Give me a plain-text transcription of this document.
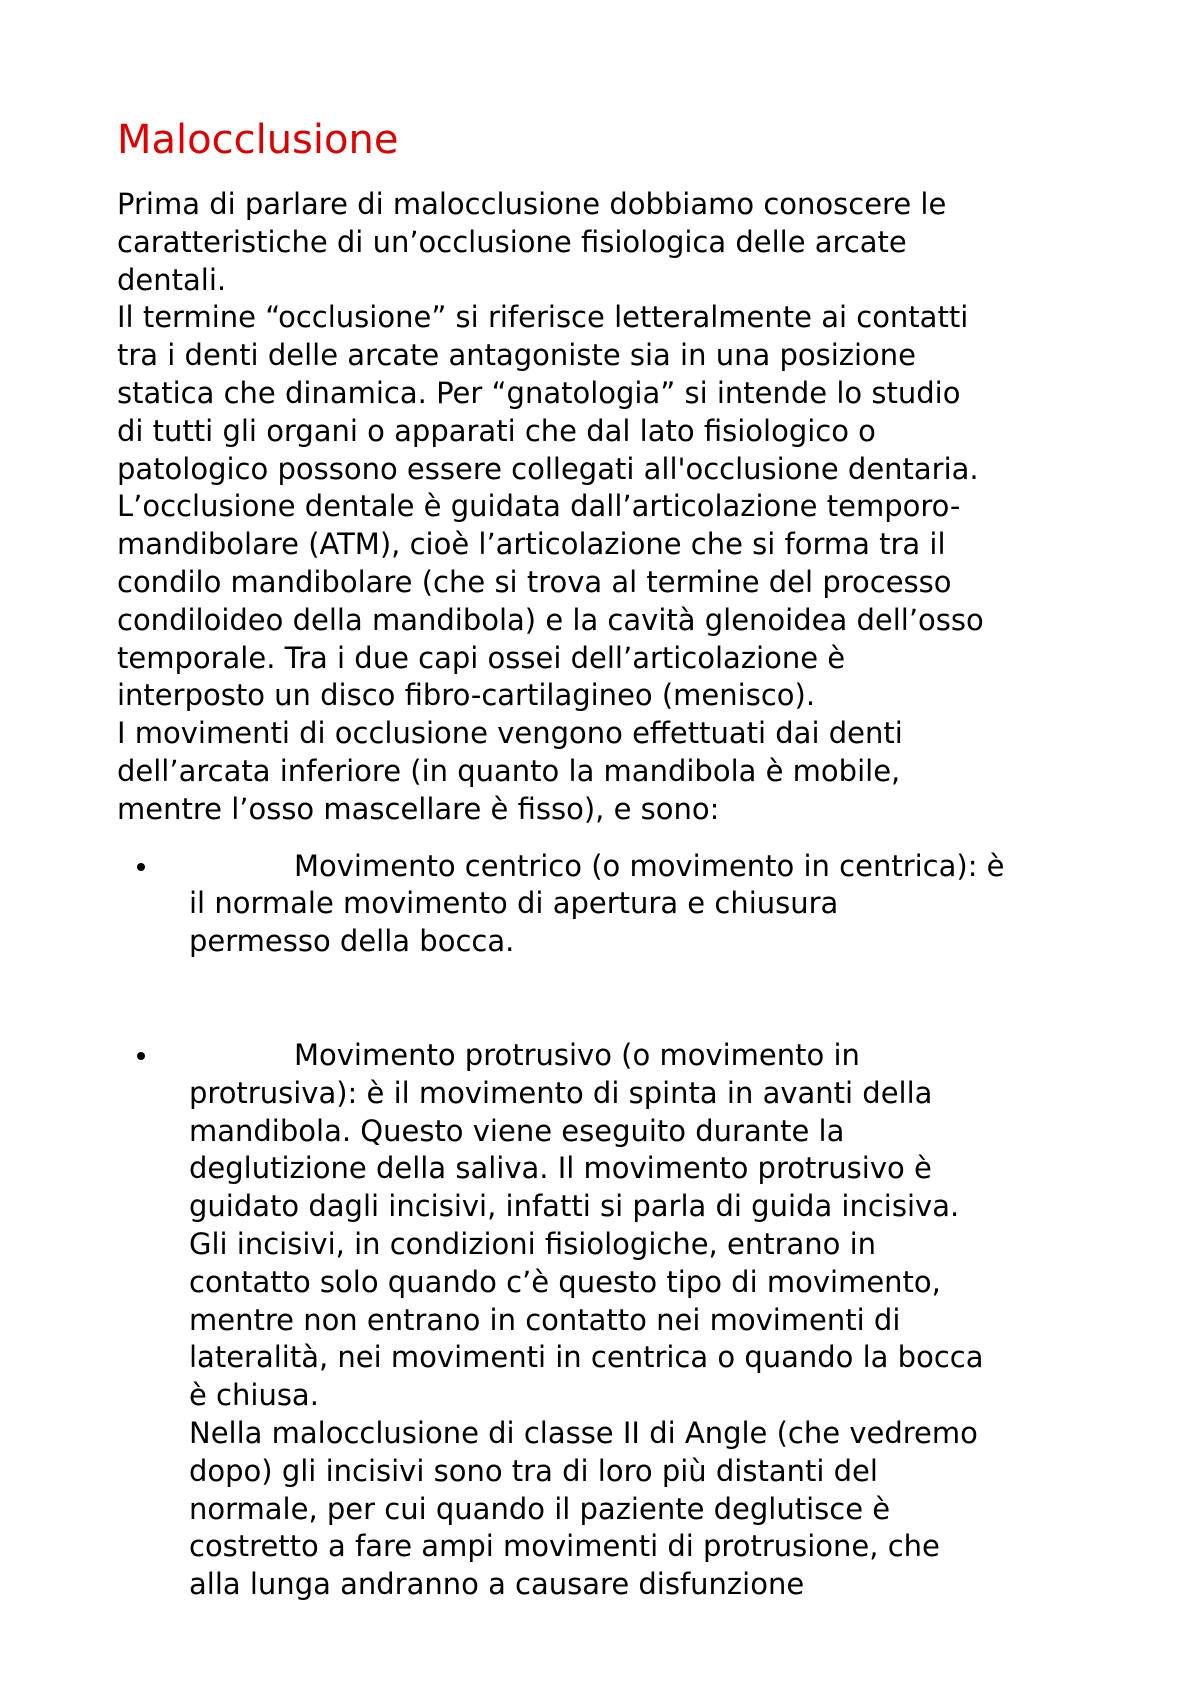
Malocclusione
Prima di parlare di malocclusione dobbiamo conoscere le
caratteristiche di un’occlusione fisiologica delle arcate
dentali.
Il termine “occlusione” si riferisce letteralmente ai contatti
tra i denti delle arcate antagoniste sia in una posizione
statica che dinamica. Per “gnatologia” si intende lo studio
di tutti gli organi o apparati che dal lato fisiologico o
patologico possono essere collegati all'occlusione dentaria.
L’occlusione dentale è guidata dall’articolazione temporo-
mandibolare (ATM), cioè l’articolazione che si forma tra il
condilo mandibolare (che si trova al termine del processo
condiloideo della mandibola) e la cavità glenoidea dell’osso
temporale. Tra i due capi ossei dell’articolazione è
interposto un disco fibro-cartilagineo (menisco).
I movimenti di occlusione vengono effettuati dai denti
dell’arcata inferiore (in quanto la mandibola è mobile,
mentre l’osso mascellare è fisso), e sono:
Movimento centrico (o movimento in centrica): è
il normale movimento di apertura e chiusura
permesso della bocca.
Movimento protrusivo (o movimento in
protrusiva): è il movimento di spinta in avanti della
mandibola. Questo viene eseguito durante la
deglutizione della saliva. Il movimento protrusivo è
guidato dagli incisivi, infatti si parla di guida incisiva.
Gli incisivi, in condizioni fisiologiche, entrano in
contatto solo quando c’è questo tipo di movimento,
mentre non entrano in contatto nei movimenti di
lateralità, nei movimenti in centrica o quando la bocca
è chiusa.
Nella malocclusione di classe II di Angle (che vedremo
dopo) gli incisivi sono tra di loro più distanti del
normale, per cui quando il paziente deglutisce è
costretto a fare ampi movimenti di protrusione, che
alla lunga andranno a causare disfunzione
